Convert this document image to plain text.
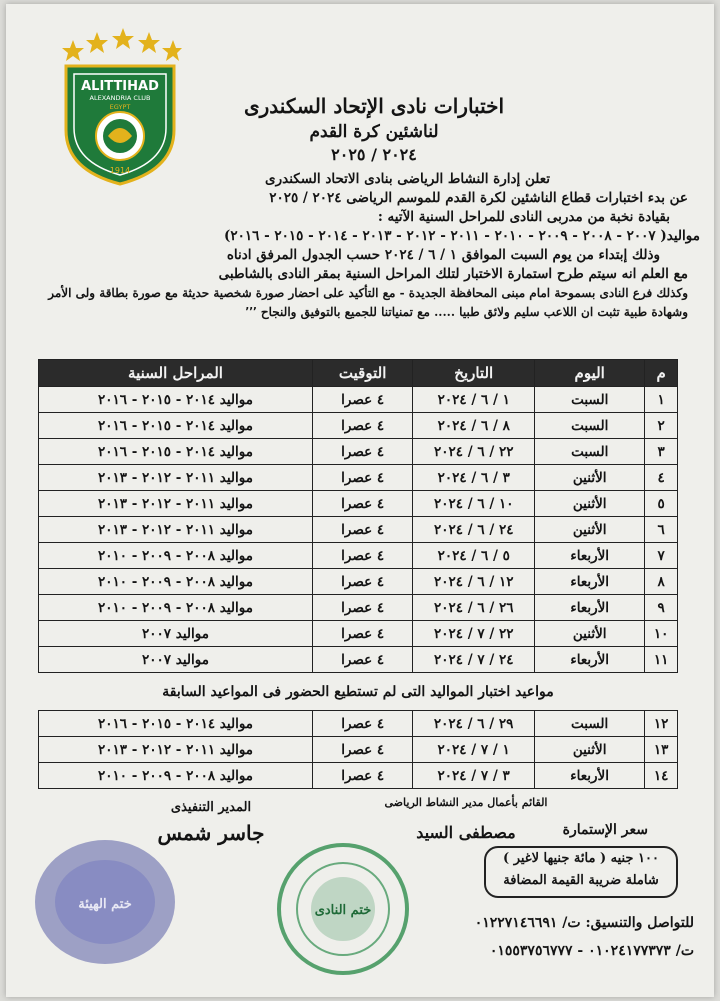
ALITTIHAD
ALEXANDRIA CLUB
EGYPT
1914
اختبارات نادى الإتحاد السكندرى
لناشئين كرة القدم
٢٠٢٤ / ٢٠٢٥
تعلن إدارة النشاط الرياضى بنادى الاتحاد السكندرى
عن بدء اختبارات قطاع الناشئين لكرة القدم للموسم الرياضى ٢٠٢٤ / ٢٠٢٥
بقيادة نخبة من مدربى النادى للمراحل السنية الآتيه :
مواليد( ٢٠٠٧ - ٢٠٠٨ - ٢٠٠٩ - ٢٠١٠ - ٢٠١١ - ٢٠١٢ - ٢٠١٣ - ٢٠١٤ - ٢٠١٥ - ٢٠١٦)
وذلك إبتداء من يوم السبت الموافق ١ / ٦ / ٢٠٢٤ حسب الجدول المرفق ادناه
مع العلم انه سيتم طرح استمارة الاختبار لتلك المراحل السنية بمقر النادى بالشاطبى
وكذلك فرع النادى بسموحة امام مبنى المحافظة الجديدة - مع التأكيد على احضار صورة شخصية حديثة مع صورة بطاقة ولى الأمر
وشهادة طبية تثبت ان اللاعب سليم ولائق طبيا ..... مع تمنياتنا للجميع بالتوفيق والنجاح ٬٬٬
م	اليوم	التاريخ	التوقيت	المراحل السنية
١	السبت	١ / ٦ / ٢٠٢٤	٤ عصرا	مواليد ٢٠١٤ - ٢٠١٥ - ٢٠١٦
٢	السبت	٨ / ٦ / ٢٠٢٤	٤ عصرا	مواليد ٢٠١٤ - ٢٠١٥ - ٢٠١٦
٣	السبت	٢٢ / ٦ / ٢٠٢٤	٤ عصرا	مواليد ٢٠١٤ - ٢٠١٥ - ٢٠١٦
٤	الأثنين	٣ / ٦ / ٢٠٢٤	٤ عصرا	مواليد ٢٠١١ - ٢٠١٢ - ٢٠١٣
٥	الأثنين	١٠ / ٦ / ٢٠٢٤	٤ عصرا	مواليد ٢٠١١ - ٢٠١٢ - ٢٠١٣
٦	الأثنين	٢٤ / ٦ / ٢٠٢٤	٤ عصرا	مواليد ٢٠١١ - ٢٠١٢ - ٢٠١٣
٧	الأربعاء	٥ / ٦ / ٢٠٢٤	٤ عصرا	مواليد ٢٠٠٨ - ٢٠٠٩ - ٢٠١٠
٨	الأربعاء	١٢ / ٦ / ٢٠٢٤	٤ عصرا	مواليد ٢٠٠٨ - ٢٠٠٩ - ٢٠١٠
٩	الأربعاء	٢٦ / ٦ / ٢٠٢٤	٤ عصرا	مواليد ٢٠٠٨ - ٢٠٠٩ - ٢٠١٠
١٠	الأثنين	٢٢ / ٧ / ٢٠٢٤	٤ عصرا	مواليد ٢٠٠٧
١١	الأربعاء	٢٤ / ٧ / ٢٠٢٤	٤ عصرا	مواليد ٢٠٠٧
مواعيد اختبار المواليد التى لم تستطيع الحضور فى المواعيد السابقة
١٢	السبت	٢٩ / ٦ / ٢٠٢٤	٤ عصرا	مواليد ٢٠١٤ - ٢٠١٥ - ٢٠١٦
١٣	الأثنين	١ / ٧ / ٢٠٢٤	٤ عصرا	مواليد ٢٠١١ - ٢٠١٢ - ٢٠١٣
١٤	الأربعاء	٣ / ٧ / ٢٠٢٤	٤ عصرا	مواليد ٢٠٠٨ - ٢٠٠٩ - ٢٠١٠
ختم الهيئة	ختم النادى
المدير التنفيذى
جاسر شمس
القائم بأعمال مدير النشاط الرياضى
مصطفى السيد	سعر الإستمارة
١٠٠ جنيه ( مائة جنيها لاغير )
شاملة ضريبة القيمة المضافة
للتواصل والتنسيق: ت/ ٠١٢٢٧١٤٦٦٩١
ت/ ٠١٠٢٤١٧٧٣٧٣ - ٠١٥٥٣٧٥٦٧٧٧
